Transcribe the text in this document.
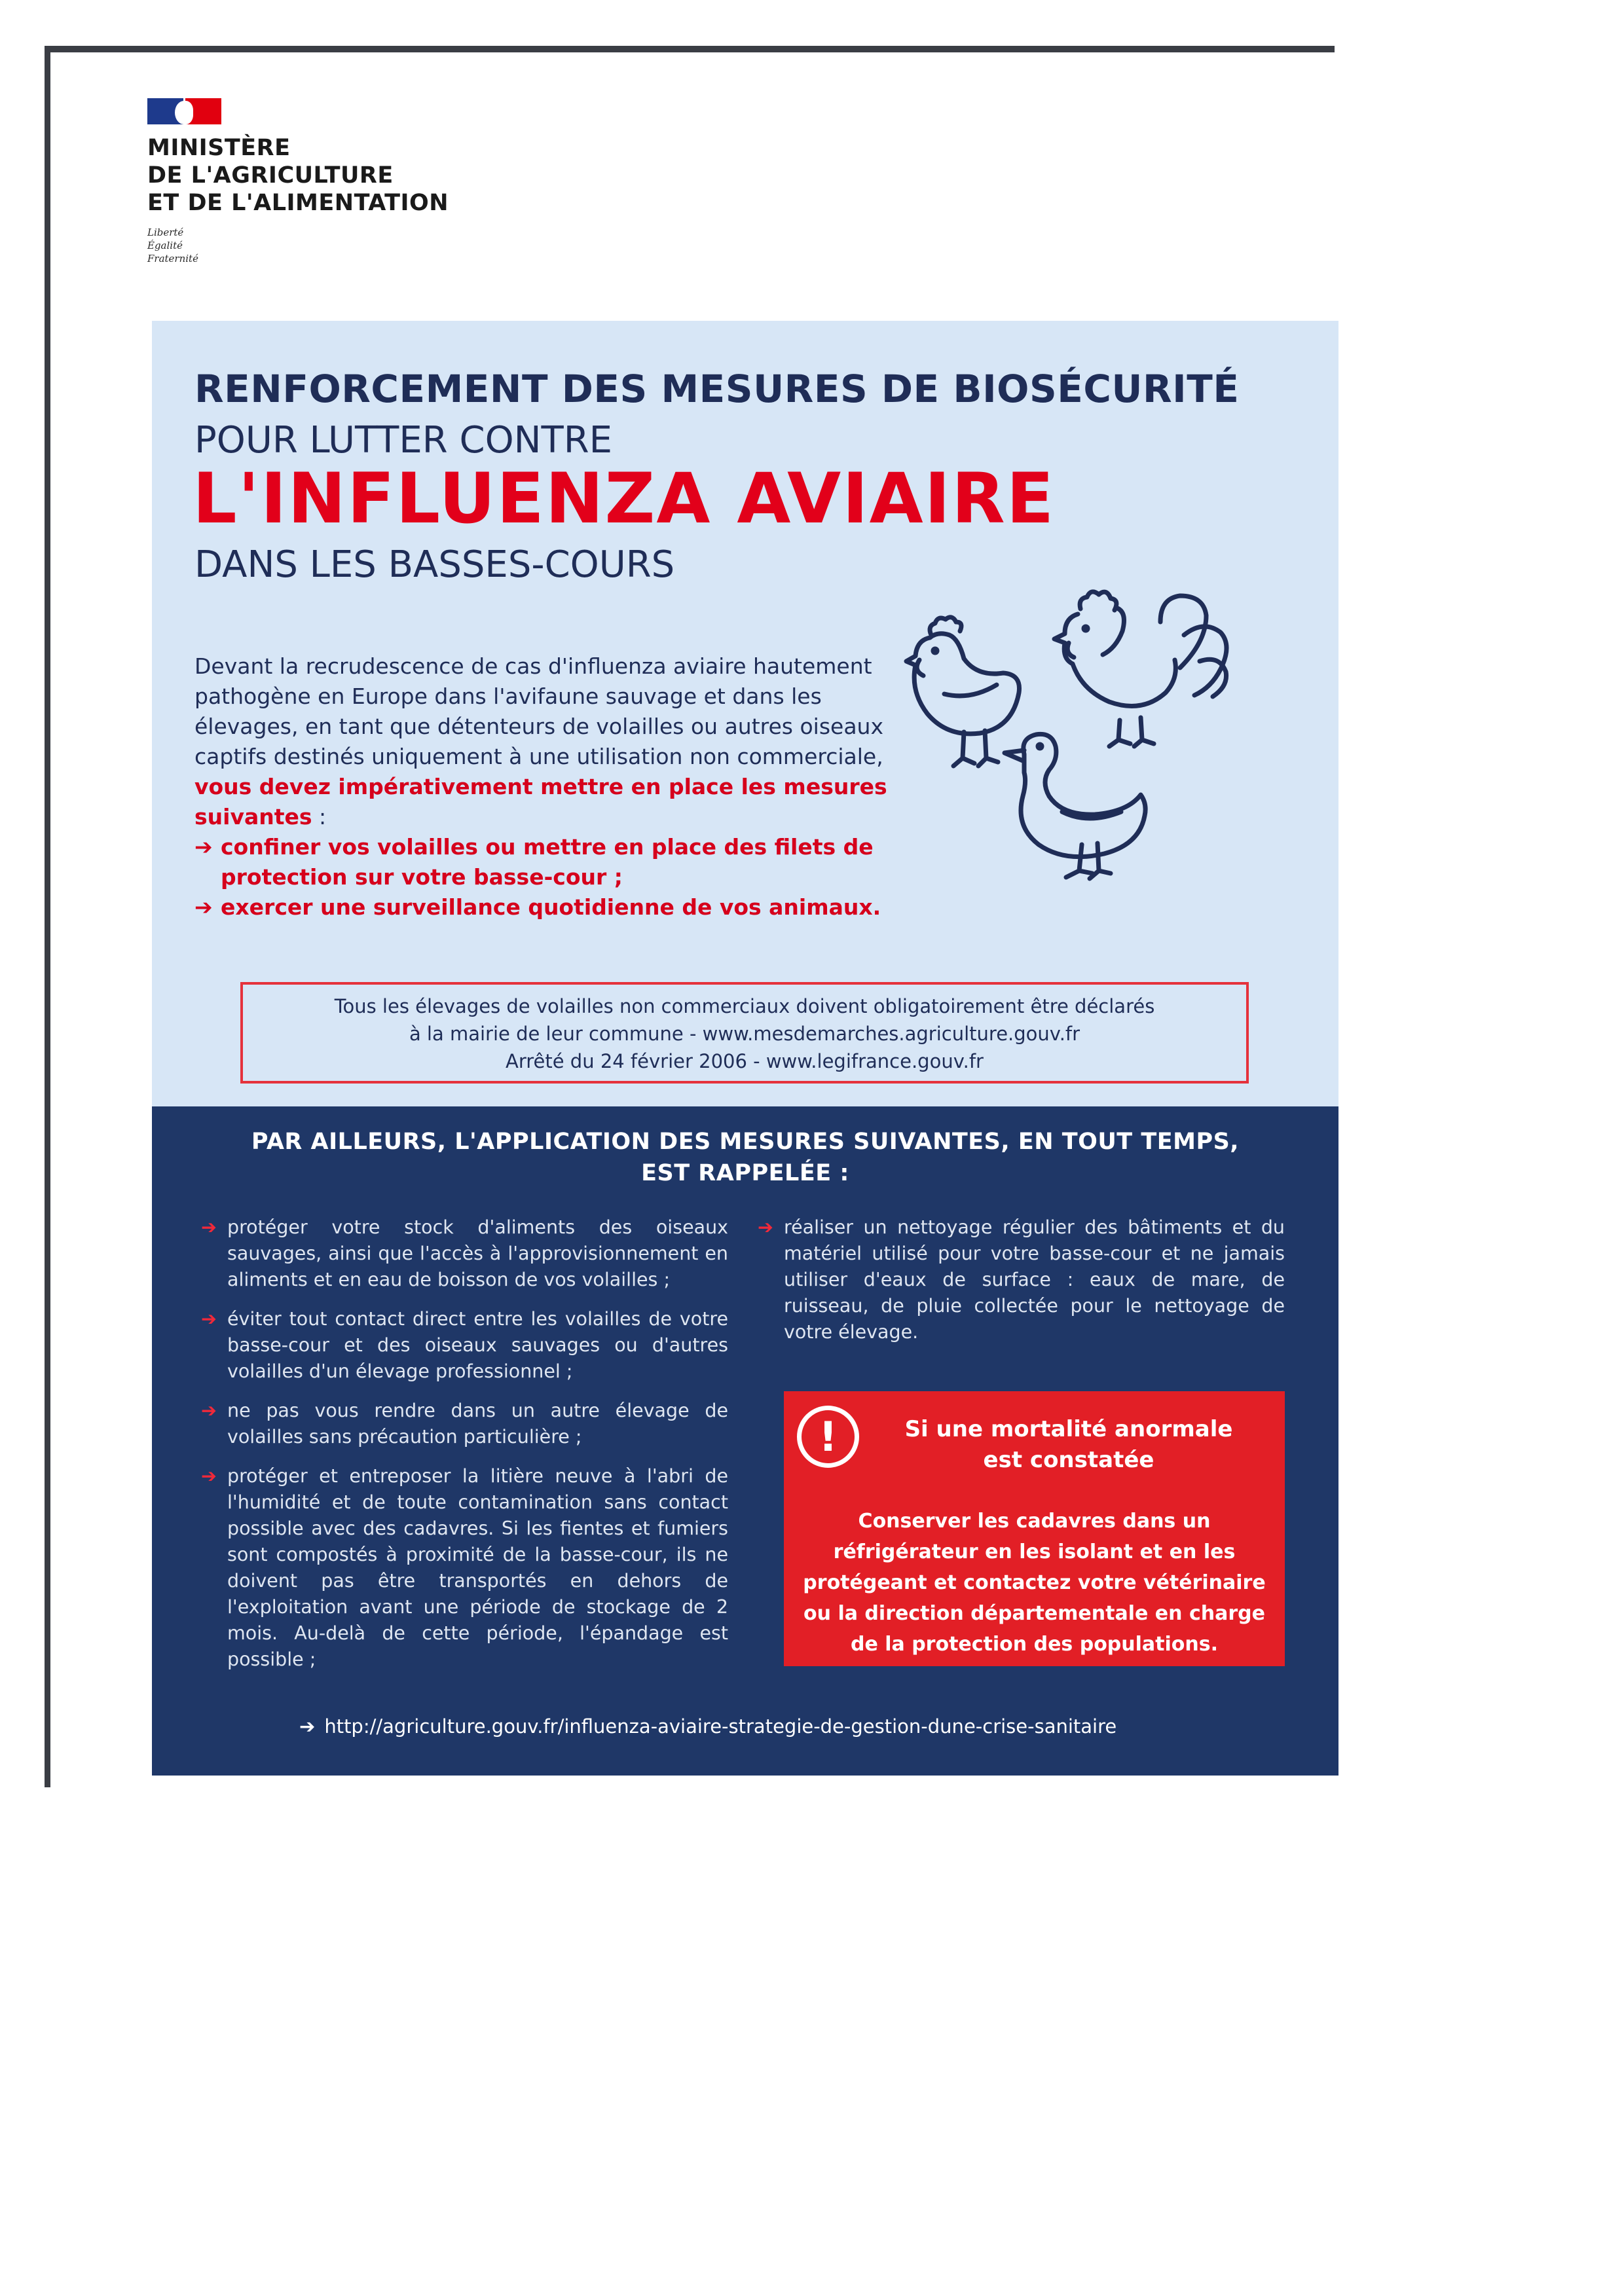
MINISTÈRE
DE L'AGRICULTURE
ET DE L'ALIMENTATION
Liberté
Égalité
Fraternité
RENFORCEMENT DES MESURES DE BIOSÉCURITÉ
POUR LUTTER CONTRE
L'INFLUENZA AVIAIRE
DANS LES BASSES-COURS

Devant la recrudescence de cas d'influenza aviaire hautement pathogène en Europe dans l'avifaune sauvage et dans les élevages, en tant que détenteurs de volailles ou autres oiseaux captifs destinés uniquement à une utilisation non commerciale, vous devez impérativement mettre en place les mesures suivantes :

➔ confiner vos volailles ou mettre en place des filets de protection sur votre basse-cour ;
➔ exercer une surveillance quotidienne de vos animaux.
Tous les élevages de volailles non commerciaux doivent obligatoirement être déclarés
à la mairie de leur commune - www.mesdemarches.agriculture.gouv.fr
Arrêté du 24 février 2006 - www.legifrance.gouv.fr
PAR AILLEURS, L'APPLICATION DES MESURES SUIVANTES, EN TOUT TEMPS,
EST RAPPELÉE :
➔ protéger votre stock d'aliments des oiseaux sauvages, ainsi que l'accès à l'approvisionnement en aliments et en eau de boisson de vos volailles ;
➔ éviter tout contact direct entre les volailles de votre basse-cour et des oiseaux sauvages ou d'autres volailles d'un élevage professionnel ;
➔ ne pas vous rendre dans un autre élevage de volailles sans précaution particulière ;
➔ protéger et entreposer la litière neuve à l'abri de l'humidité et de toute contamination sans contact possible avec des cadavres. Si les fientes et fumiers sont compostés à proximité de la basse-cour, ils ne doivent pas être transportés en dehors de l'exploitation avant une période de stockage de 2 mois. Au-delà de cette période, l'épandage est possible ;
➔ réaliser un nettoyage régulier des bâtiments et du matériel utilisé pour votre basse-cour et ne jamais utiliser d'eaux de surface : eaux de mare, de ruisseau, de pluie collectée pour le nettoyage de votre élevage.
!	Si une mortalité anormale
est constatée
Conserver les cadavres dans un réfrigérateur en les isolant et en les protégeant et contactez votre vétérinaire ou la direction départementale en charge de la protection des populations.
➔ http://agriculture.gouv.fr/influenza-aviaire-strategie-de-gestion-dune-crise-sanitaire
